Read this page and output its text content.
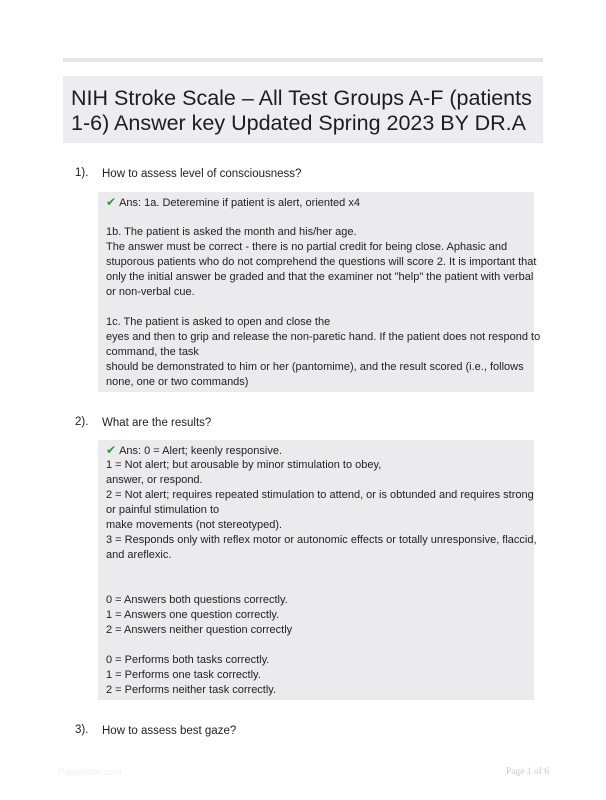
NIH Stroke Scale – All Test Groups A-F (patients 1-6) Answer key Updated Spring 2023 BY DR.A
1). How to assess level of consciousness?
✔ Ans: 1a. Deteremine if patient is alert, oriented x4
1b. The patient is asked the month and his/her age.
The answer must be correct - there is no partial credit for being close. Aphasic and
stuporous patients who do not comprehend the questions will score 2. It is important that
only the initial answer be graded and that the examiner not "help" the patient with verbal
or non-verbal cue.
1c. The patient is asked to open and close the
eyes and then to grip and release the non-paretic hand. If the patient does not respond to
command, the task
should be demonstrated to him or her (pantomime), and the result scored (i.e., follows
none, one or two commands)
2). What are the results?
✔ Ans: 0 = Alert; keenly responsive.
1 = Not alert; but arousable by minor stimulation to obey,
answer, or respond.
2 = Not alert; requires repeated stimulation to attend, or is obtunded and requires strong
or painful stimulation to
make movements (not stereotyped).
3 = Responds only with reflex motor or autonomic effects or totally unresponsive, flaccid,
and areflexic.
0 = Answers both questions correctly.
1 = Answers one question correctly.
2 = Answers neither question correctly
0 = Performs both tasks correctly.
1 = Performs one task correctly.
2 = Performs neither task correctly.
3). How to assess best gaze?
Paperfilter.com	Page 1 of 6
